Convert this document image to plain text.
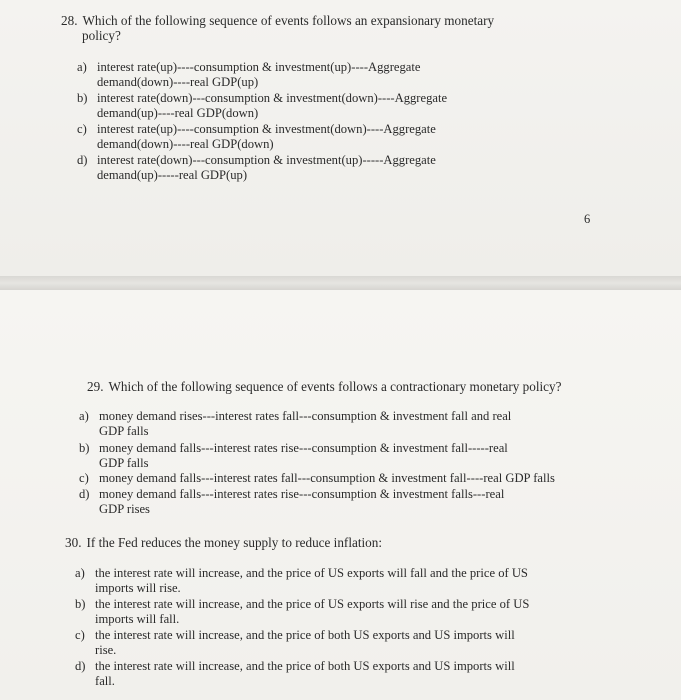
28. Which of the following sequence of events follows an expansionary monetary
policy?
a) interest rate(up)----consumption & investment(up)----Aggregate
demand(down)----real GDP(up)
b) interest rate(down)---consumption & investment(down)----Aggregate
demand(up)----real GDP(down)
c) interest rate(up)----consumption & investment(down)----Aggregate
demand(down)----real GDP(down)
d) interest rate(down)---consumption & investment(up)-----Aggregate
demand(up)-----real GDP(up)
6
29. Which of the following sequence of events follows a contractionary monetary policy?
a) money demand rises---interest rates fall---consumption & investment fall and real
GDP falls
b) money demand falls---interest rates rise---consumption & investment fall-----real
GDP falls
c) money demand falls---interest rates fall---consumption & investment fall----real GDP falls
d) money demand falls---interest rates rise---consumption & investment falls---real
GDP rises
30. If the Fed reduces the money supply to reduce inflation:
a) the interest rate will increase, and the price of US exports will fall and the price of US
imports will rise.
b) the interest rate will increase, and the price of US exports will rise and the price of US
imports will fall.
c) the interest rate will increase, and the price of both US exports and US imports will
rise.
d) the interest rate will increase, and the price of both US exports and US imports will
fall.
